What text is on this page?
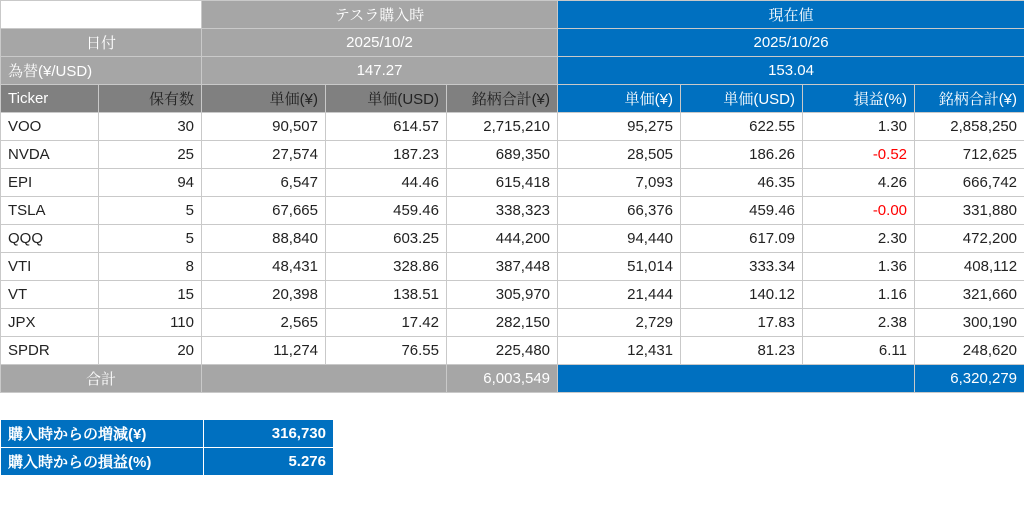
		テスラ購入時			現在値			
日付		2025/10/2			2025/10/26			
為替(¥/USD)		147.27			153.04			
Ticker	保有数	単価(¥)	単価(USD)	銘柄合計(¥)	単価(¥)	単価(USD)	損益(%)	銘柄合計(¥)
VOO	30	90,507	614.57	2,715,210	95,275	622.55	1.30	2,858,250
NVDA	25	27,574	187.23	689,350	28,505	186.26	-0.52	712,625
EPI	94	6,547	44.46	615,418	7,093	46.35	4.26	666,742
TSLA	5	67,665	459.46	338,323	66,376	459.46	-0.00	331,880
QQQ	5	88,840	603.25	444,200	94,440	617.09	2.30	472,200
VTI	8	48,431	328.86	387,448	51,014	333.34	1.36	408,112
VT	15	20,398	138.51	305,970	21,444	140.12	1.16	321,660
JPX	110	2,565	17.42	282,150	2,729	17.83	2.38	300,190
SPDR	20	11,274	76.55	225,480	12,431	81.23	6.11	248,620
合計				6,003,549				6,320,279
購入時からの増減(¥)	316,730
購入時からの損益(%)	5.276
